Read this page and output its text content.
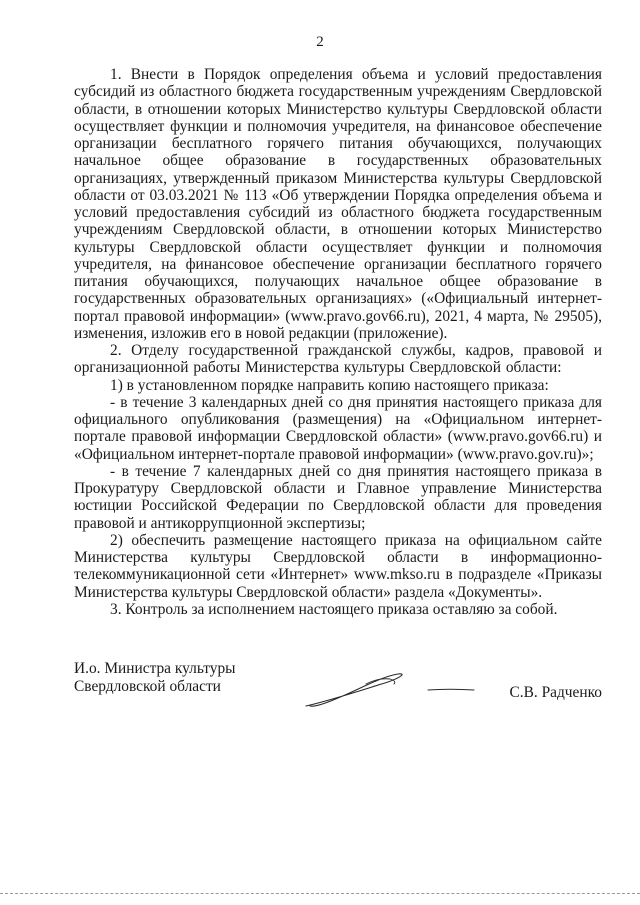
2

1. Внести в Порядок определения объема и условий предоставления субсидий из областного бюджета государственным учреждениям Свердловской области, в отношении которых Министерство культуры Свердловской области осуществляет функции и полномочия учредителя, на финансовое обеспечение организации бесплатного горячего питания обучающихся, получающих начальное общее образование в государственных образовательных организациях, утвержденный приказом Министерства культуры Свердловской области от 03.03.2021 № 113 «Об утверждении Порядка определения объема и условий предоставления субсидий из областного бюджета государственным учреждениям Свердловской области, в отношении которых Министерство культуры Свердловской области осуществляет функции и полномочия учредителя, на финансовое обеспечение организации бесплатного горячего питания обучающихся, получающих начальное общее образование в государственных образовательных организациях» («Официальный интернет-портал правовой информации» (www.pravo.gov66.ru), 2021, 4 марта, № 29505), изменения, изложив его в новой редакции (приложение).

2. Отделу государственной гражданской службы, кадров, правовой и организационной работы Министерства культуры Свердловской области:

1) в установленном порядке направить копию настоящего приказа:

- в течение 3 календарных дней со дня принятия настоящего приказа для официального опубликования (размещения) на «Официальном интернет-портале правовой информации Свердловской области» (www.pravo.gov66.ru) и «Официальном интернет-портале правовой информации» (www.pravo.gov.ru)»;

- в течение 7 календарных дней со дня принятия настоящего приказа в Прокуратуру Свердловской области и Главное управление Министерства юстиции Российской Федерации по Свердловской области для проведения правовой и антикоррупционной экспертизы;

2) обеспечить размещение настоящего приказа на официальном сайте Министерства культуры Свердловской области в информационно-телекоммуникационной сети «Интернет» www.mkso.ru в подразделе «Приказы Министерства культуры Свердловской области» раздела «Документы».

3. Контроль за исполнением настоящего приказа оставляю за собой.

И.о. Министра культуры
Свердловской области	С.В. Радченко
